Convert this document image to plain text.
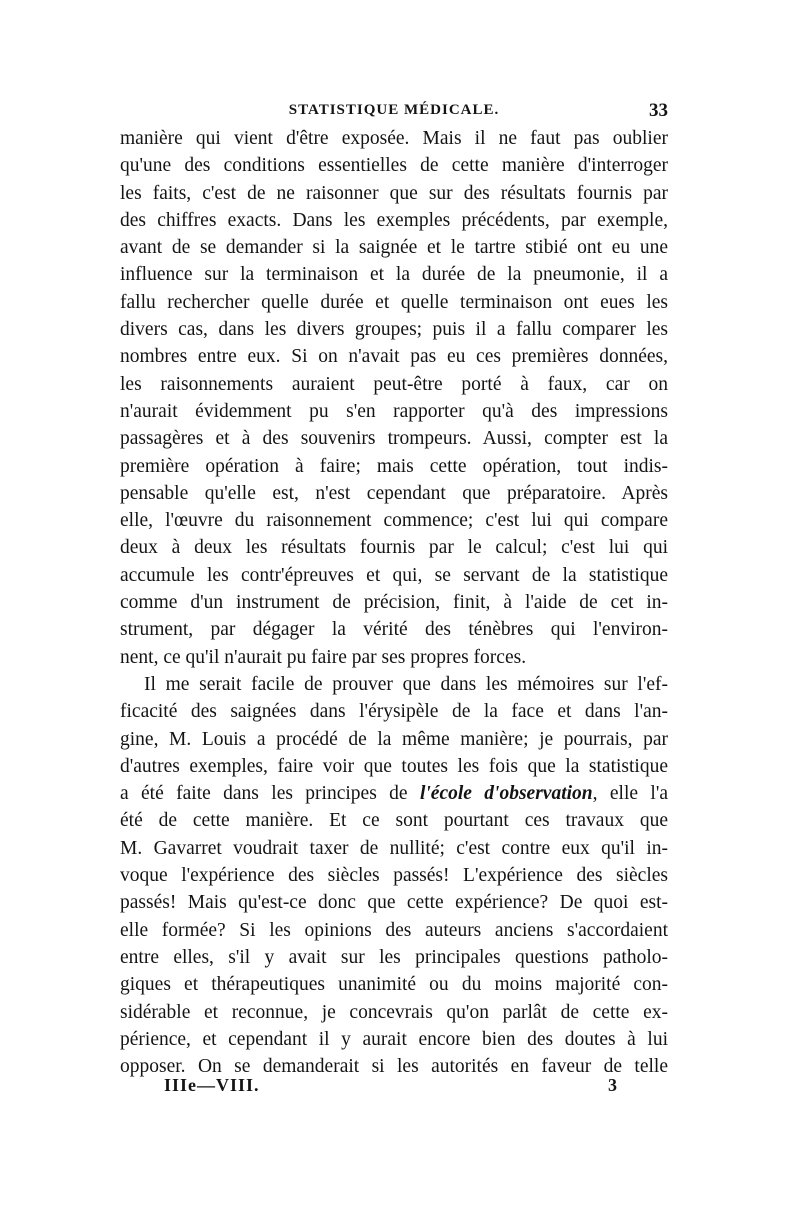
STATISTIQUE MÉDICALE.	33
manière qui vient d'être exposée. Mais il ne faut pas oublier
qu'une des conditions essentielles de cette manière d'interroger
les faits, c'est de ne raisonner que sur des résultats fournis par
des chiffres exacts. Dans les exemples précédents, par exemple,
avant de se demander si la saignée et le tartre stibié ont eu une
influence sur la terminaison et la durée de la pneumonie, il a
fallu rechercher quelle durée et quelle terminaison ont eues les
divers cas, dans les divers groupes; puis il a fallu comparer les
nombres entre eux. Si on n'avait pas eu ces premières données,
les raisonnements auraient peut-être porté à faux, car on
n'aurait évidemment pu s'en rapporter qu'à des impressions
passagères et à des souvenirs trompeurs. Aussi, compter est la
première opération à faire; mais cette opération, tout indis-
pensable qu'elle est, n'est cependant que préparatoire. Après
elle, l'œuvre du raisonnement commence; c'est lui qui compare
deux à deux les résultats fournis par le calcul; c'est lui qui
accumule les contr'épreuves et qui, se servant de la statistique
comme d'un instrument de précision, finit, à l'aide de cet in-
strument, par dégager la vérité des ténèbres qui l'environ-
nent, ce qu'il n'aurait pu faire par ses propres forces.
Il me serait facile de prouver que dans les mémoires sur l'ef-
ficacité des saignées dans l'érysipèle de la face et dans l'an-
gine, M. Louis a procédé de la même manière; je pourrais, par
d'autres exemples, faire voir que toutes les fois que la statistique
a été faite dans les principes de l'école d'observation, elle l'a
été de cette manière. Et ce sont pourtant ces travaux que
M. Gavarret voudrait taxer de nullité; c'est contre eux qu'il in-
voque l'expérience des siècles passés! L'expérience des siècles
passés! Mais qu'est-ce donc que cette expérience? De quoi est-
elle formée? Si les opinions des auteurs anciens s'accordaient
entre elles, s'il y avait sur les principales questions patholo-
giques et thérapeutiques unanimité ou du moins majorité con-
sidérable et reconnue, je concevrais qu'on parlât de cette ex-
périence, et cependant il y aurait encore bien des doutes à lui
opposer. On se demanderait si les autorités en faveur de telle
IIIe—VIII.	3
